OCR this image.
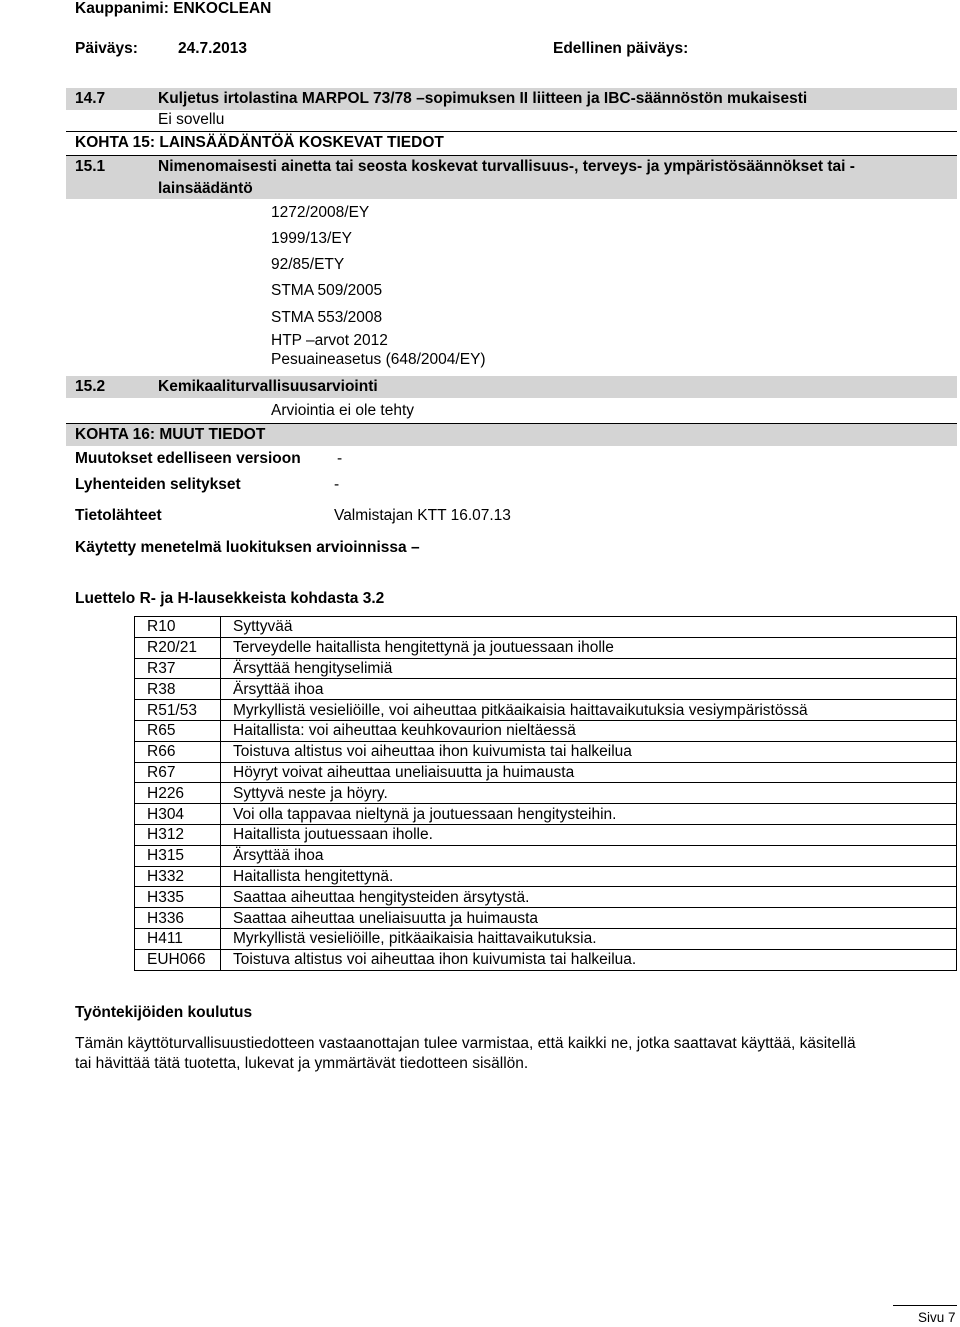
Kauppanimi: ENKOCLEAN
Päiväys:	24.7.2013	Edellinen päiväys:
14.7	Kuljetus irtolastina MARPOL 73/78 –sopimuksen II liitteen ja IBC-säännöstön mukaisesti
Ei sovellu
KOHTA 15: LAINSÄÄDÄNTÖÄ KOSKEVAT TIEDOT
15.1	Nimenomaisesti ainetta tai seosta koskevat turvallisuus-, terveys- ja ympäristösäännökset tai -
lainsäädäntö
1272/2008/EY
1999/13/EY
92/85/ETY
STMA 509/2005
STMA 553/2008
HTP –arvot 2012
Pesuaineasetus (648/2004/EY)
15.2	Kemikaaliturvallisuusarviointi
Arviointia ei ole tehty
KOHTA 16: MUUT TIEDOT
Muutokset edelliseen versioon -
Lyhenteiden selitykset	-
Tietolähteet	Valmistajan KTT 16.07.13
Käytetty menetelmä luokituksen arvioinnissa –
Luettelo R- ja H-lausekkeista kohdasta 3.2
R10	Syttyvää
R20/21	Terveydelle haitallista hengitettynä ja joutuessaan iholle
R37	Ärsyttää hengityselimiä
R38	Ärsyttää ihoa
R51/53	Myrkyllistä vesieliöille, voi aiheuttaa pitkäaikaisia haittavaikutuksia vesiympäristössä
R65	Haitallista: voi aiheuttaa keuhkovaurion nieltäessä
R66	Toistuva altistus voi aiheuttaa ihon kuivumista tai halkeilua
R67	Höyryt voivat aiheuttaa uneliaisuutta ja huimausta
H226	Syttyvä neste ja höyry.
H304	Voi olla tappavaa nieltynä ja joutuessaan hengitysteihin.
H312	Haitallista joutuessaan iholle.
H315	Ärsyttää ihoa
H332	Haitallista hengitettynä.
H335	Saattaa aiheuttaa hengitysteiden ärsytystä.
H336	Saattaa aiheuttaa uneliaisuutta ja huimausta
H411	Myrkyllistä vesieliöille, pitkäaikaisia haittavaikutuksia.
EUH066	Toistuva altistus voi aiheuttaa ihon kuivumista tai halkeilua.
Työntekijöiden koulutus
Tämän käyttöturvallisuustiedotteen vastaanottajan tulee varmistaa, että kaikki ne, jotka saattavat käyttää, käsitellä
tai hävittää tätä tuotetta, lukevat ja ymmärtävät tiedotteen sisällön.
Sivu 7
